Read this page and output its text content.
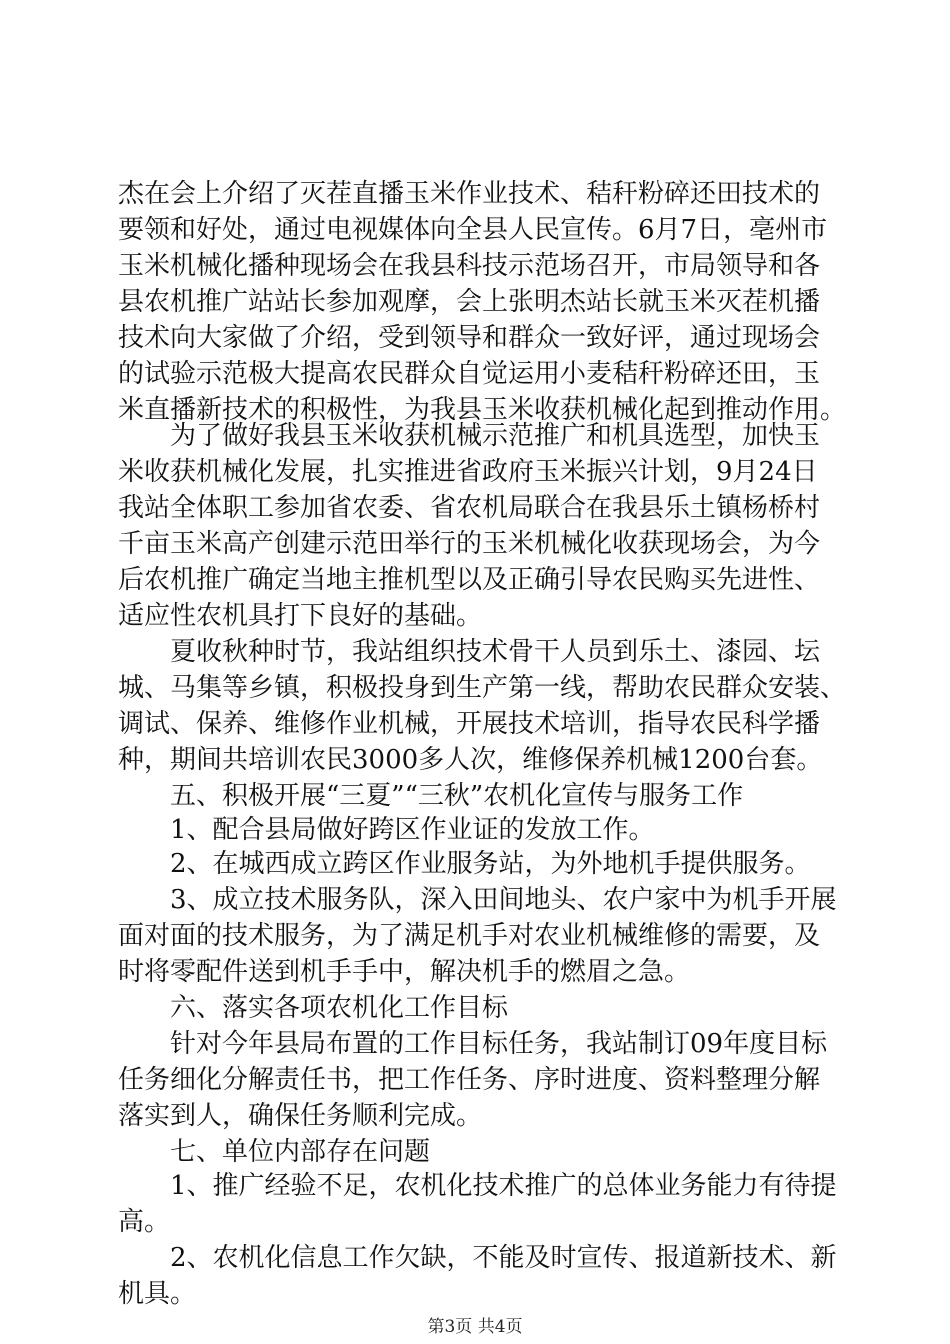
杰在会上介绍了灭茬直播玉米作业技术、秸秆粉碎还田技术的
要领和好处，通过电视媒体向全县人民宣传。6月7日，亳州市
玉米机械化播种现场会在我县科技示范场召开，市局领导和各
县农机推广站站长参加观摩，会上张明杰站长就玉米灭茬机播
技术向大家做了介绍，受到领导和群众一致好评，通过现场会
的试验示范极大提高农民群众自觉运用小麦秸秆粉碎还田，玉
米直播新技术的积极性，为我县玉米收获机械化起到推动作用。
为了做好我县玉米收获机械示范推广和机具选型，加快玉
米收获机械化发展，扎实推进省政府玉米振兴计划，9月24日
我站全体职工参加省农委、省农机局联合在我县乐土镇杨桥村
千亩玉米高产创建示范田举行的玉米机械化收获现场会，为今
后农机推广确定当地主推机型以及正确引导农民购买先进性、
适应性农机具打下良好的基础。
夏收秋种时节，我站组织技术骨干人员到乐土、漆园、坛
城、马集等乡镇，积极投身到生产第一线，帮助农民群众安装、
调试、保养、维修作业机械，开展技术培训，指导农民科学播
种，期间共培训农民3000多人次，维修保养机械1200台套。
五、积极开展“三夏”“三秋”农机化宣传与服务工作
1、配合县局做好跨区作业证的发放工作。
2、在城西成立跨区作业服务站，为外地机手提供服务。
3、成立技术服务队，深入田间地头、农户家中为机手开展
面对面的技术服务，为了满足机手对农业机械维修的需要，及
时将零配件送到机手手中，解决机手的燃眉之急。
六、落实各项农机化工作目标
针对今年县局布置的工作目标任务，我站制订09年度目标
任务细化分解责任书，把工作任务、序时进度、资料整理分解
落实到人，确保任务顺利完成。
七、单位内部存在问题
1、推广经验不足，农机化技术推广的总体业务能力有待提
高。
2、农机化信息工作欠缺，不能及时宣传、报道新技术、新
机具。
第3页 共4页
